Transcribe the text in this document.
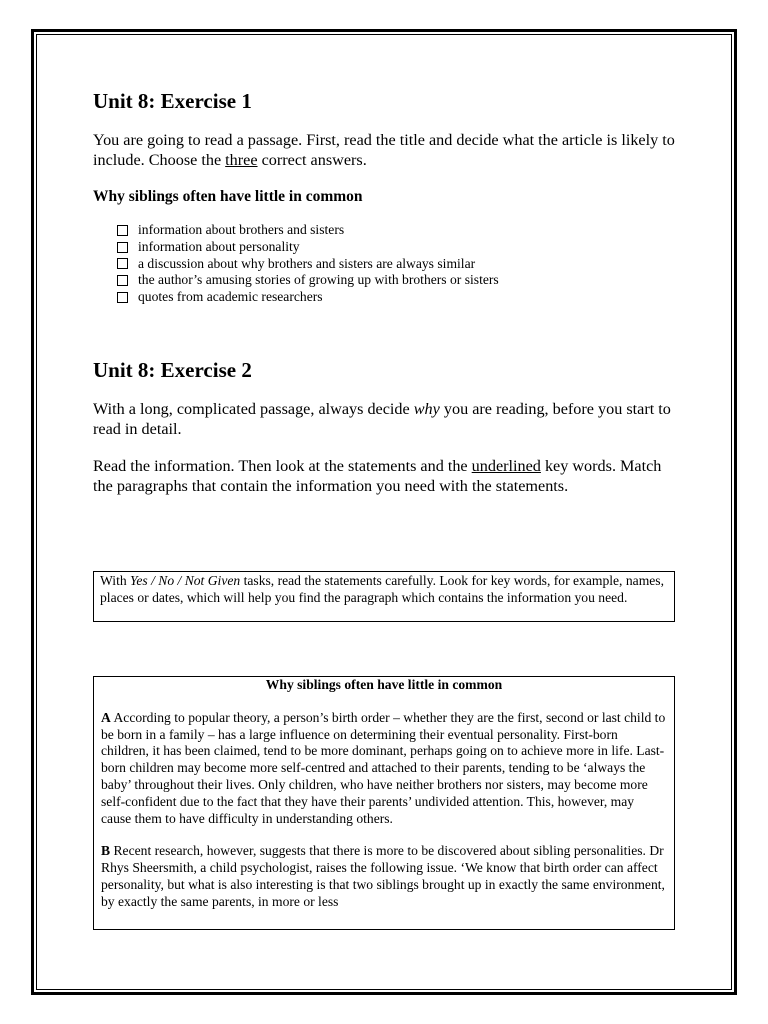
Unit 8: Exercise 1

You are going to read a passage. First, read the title and decide what the article is likely to include. Choose the three correct answers.

Why siblings often have little in common

information about brothers and sisters
information about personality
a discussion about why brothers and sisters are always similar
the author’s amusing stories of growing up with brothers or sisters
quotes from academic researchers
Unit 8: Exercise 2

With a long, complicated passage, always decide why you are reading, before you start to read in detail.

Read the information. Then look at the statements and the underlined key words. Match the paragraphs that contain the information you need with the statements.

With Yes / No / Not Given tasks, read the statements carefully. Look for key words, for example, names, places or dates, which will help you find the paragraph which contains the information you need.

Why siblings often have little in common

A According to popular theory, a person’s birth order – whether they are the first, second or last child to be born in a family – has a large influence on determining their eventual personality. First-born children, it has been claimed, tend to be more dominant, perhaps going on to achieve more in life. Last-born children may become more self-centred and attached to their parents, tending to be ‘always the baby’ throughout their lives. Only children, who have neither brothers nor sisters, may become more self-confident due to the fact that they have their parents’ undivided attention. This, however, may cause them to have difficulty in understanding others.

B Recent research, however, suggests that there is more to be discovered about sibling personalities. Dr Rhys Sheersmith, a child psychologist, raises the following issue. ‘We know that birth order can affect personality, but what is also interesting is that two siblings brought up in exactly the same environment, by exactly the same parents, in more or less
